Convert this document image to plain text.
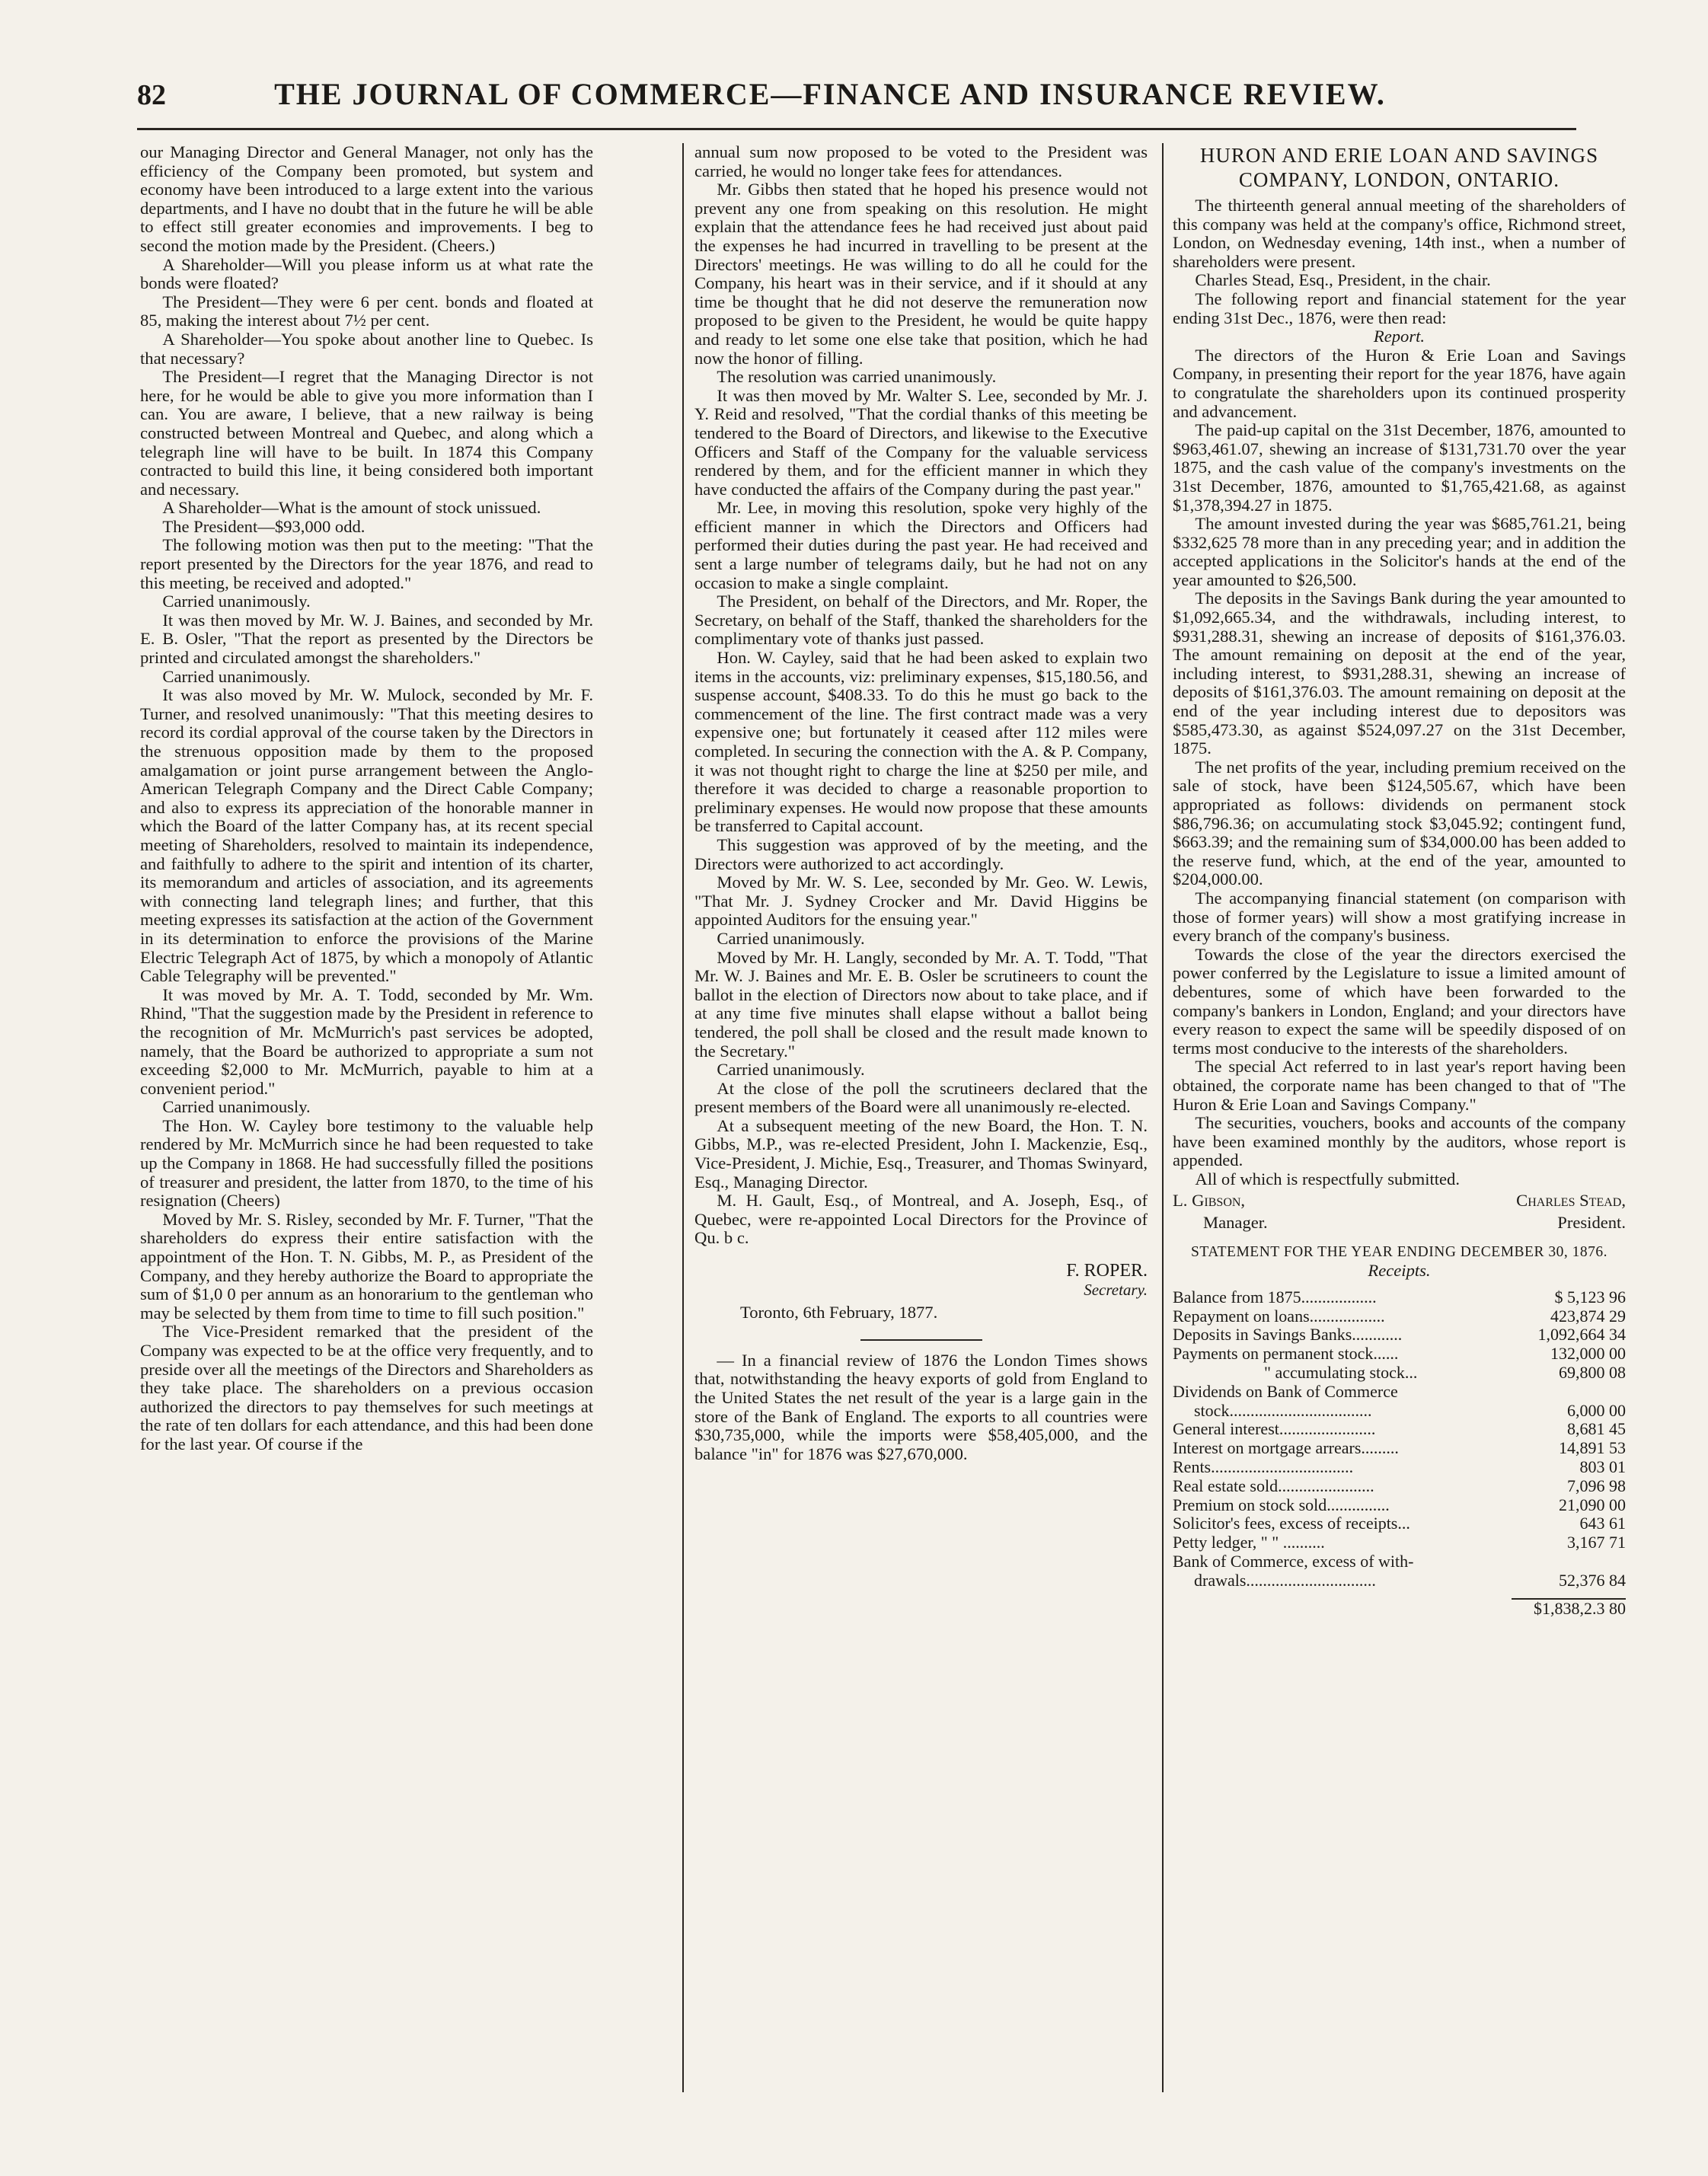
82	THE JOURNAL OF COMMERCE—FINANCE AND INSURANCE REVIEW.

our Managing Director and General Manager, not only has the efficiency of the Company been promoted, but system and economy have been introduced to a large extent into the various departments, and I have no doubt that in the future he will be able to effect still greater economies and improvements. I beg to second the motion made by the President. (Cheers.)

A Shareholder—Will you please inform us at what rate the bonds were floated?

The President—They were 6 per cent. bonds and floated at 85, making the interest about 7½ per cent.

A Shareholder—You spoke about another line to Quebec. Is that necessary?

The President—I regret that the Managing Director is not here, for he would be able to give you more information than I can. You are aware, I believe, that a new railway is being constructed between Montreal and Quebec, and along which a telegraph line will have to be built. In 1874 this Company contracted to build this line, it being considered both important and necessary.

A Shareholder—What is the amount of stock unissued.

The President—$93,000 odd.

The following motion was then put to the meeting: "That the report presented by the Directors for the year 1876, and read to this meeting, be received and adopted."

Carried unanimously.

It was then moved by Mr. W. J. Baines, and seconded by Mr. E. B. Osler, "That the report as presented by the Directors be printed and circulated amongst the shareholders."

Carried unanimously.

It was also moved by Mr. W. Mulock, seconded by Mr. F. Turner, and resolved unanimously: "That this meeting desires to record its cordial approval of the course taken by the Directors in the strenuous opposition made by them to the proposed amalgamation or joint purse arrangement between the Anglo-American Telegraph Company and the Direct Cable Company; and also to express its appreciation of the honorable manner in which the Board of the latter Company has, at its recent special meeting of Shareholders, resolved to maintain its independence, and faithfully to adhere to the spirit and intention of its charter, its memorandum and articles of association, and its agreements with connecting land telegraph lines; and further, that this meeting expresses its satisfaction at the action of the Government in its determination to enforce the provisions of the Marine Electric Telegraph Act of 1875, by which a monopoly of Atlantic Cable Telegraphy will be prevented."

It was moved by Mr. A. T. Todd, seconded by Mr. Wm. Rhind, "That the suggestion made by the President in reference to the recognition of Mr. McMurrich's past services be adopted, namely, that the Board be authorized to appropriate a sum not exceeding $2,000 to Mr. McMurrich, payable to him at a convenient period."

Carried unanimously.

The Hon. W. Cayley bore testimony to the valuable help rendered by Mr. McMurrich since he had been requested to take up the Company in 1868. He had successfully filled the positions of treasurer and president, the latter from 1870, to the time of his resignation (Cheers)

Moved by Mr. S. Risley, seconded by Mr. F. Turner, "That the shareholders do express their entire satisfaction with the appointment of the Hon. T. N. Gibbs, M. P., as President of the Company, and they hereby authorize the Board to appropriate the sum of $1,0 0 per annum as an honorarium to the gentleman who may be selected by them from time to time to fill such position."

The Vice-President remarked that the president of the Company was expected to be at the office very frequently, and to preside over all the meetings of the Directors and Shareholders as they take place. The shareholders on a previous occasion authorized the directors to pay themselves for such meetings at the rate of ten dollars for each attendance, and this had been done for the last year. Of course if the

annual sum now proposed to be voted to the President was carried, he would no longer take fees for attendances.

Mr. Gibbs then stated that he hoped his presence would not prevent any one from speaking on this resolution. He might explain that the attendance fees he had received just about paid the expenses he had incurred in travelling to be present at the Directors' meetings. He was willing to do all he could for the Company, his heart was in their service, and if it should at any time be thought that he did not deserve the remuneration now proposed to be given to the President, he would be quite happy and ready to let some one else take that position, which he had now the honor of filling.

The resolution was carried unanimously.

It was then moved by Mr. Walter S. Lee, seconded by Mr. J. Y. Reid and resolved, "That the cordial thanks of this meeting be tendered to the Board of Directors, and likewise to the Executive Officers and Staff of the Company for the valuable servicess rendered by them, and for the efficient manner in which they have conducted the affairs of the Company during the past year."

Mr. Lee, in moving this resolution, spoke very highly of the efficient manner in which the Directors and Officers had performed their duties during the past year. He had received and sent a large number of telegrams daily, but he had not on any occasion to make a single complaint.

The President, on behalf of the Directors, and Mr. Roper, the Secretary, on behalf of the Staff, thanked the shareholders for the complimentary vote of thanks just passed.

Hon. W. Cayley, said that he had been asked to explain two items in the accounts, viz: preliminary expenses, $15,180.56, and suspense account, $408.33. To do this he must go back to the commencement of the line. The first contract made was a very expensive one; but fortunately it ceased after 112 miles were completed. In securing the connection with the A. & P. Company, it was not thought right to charge the line at $250 per mile, and therefore it was decided to charge a reasonable proportion to preliminary expenses. He would now propose that these amounts be transferred to Capital account.

This suggestion was approved of by the meeting, and the Directors were authorized to act accordingly.

Moved by Mr. W. S. Lee, seconded by Mr. Geo. W. Lewis, "That Mr. J. Sydney Crocker and Mr. David Higgins be appointed Auditors for the ensuing year."

Carried unanimously.

Moved by Mr. H. Langly, seconded by Mr. A. T. Todd, "That Mr. W. J. Baines and Mr. E. B. Osler be scrutineers to count the ballot in the election of Directors now about to take place, and if at any time five minutes shall elapse without a ballot being tendered, the poll shall be closed and the result made known to the Secretary."

Carried unanimously.

At the close of the poll the scrutineers declared that the present members of the Board were all unanimously re-elected.

At a subsequent meeting of the new Board, the Hon. T. N. Gibbs, M.P., was re-elected President, John I. Mackenzie, Esq., Vice-President, J. Michie, Esq., Treasurer, and Thomas Swinyard, Esq., Managing Director.

M. H. Gault, Esq., of Montreal, and A. Joseph, Esq., of Quebec, were re-appointed Local Directors for the Province of Qu. b c.

F. ROPER.

Secretary.

Toronto, 6th February, 1877.

— In a financial review of 1876 the London Times shows that, notwithstanding the heavy exports of gold from England to the United States the net result of the year is a large gain in the store of the Bank of England. The exports to all countries were $30,735,000, while the imports were $58,405,000, and the balance "in" for 1876 was $27,670,000.

HURON AND ERIE LOAN AND SAVINGS COMPANY, LONDON, ONTARIO.

The thirteenth general annual meeting of the shareholders of this company was held at the company's office, Richmond street, London, on Wednesday evening, 14th inst., when a number of shareholders were present.

Charles Stead, Esq., President, in the chair.

The following report and financial statement for the year ending 31st Dec., 1876, were then read:

Report.

The directors of the Huron & Erie Loan and Savings Company, in presenting their report for the year 1876, have again to congratulate the shareholders upon its continued prosperity and advancement.

The paid-up capital on the 31st December, 1876, amounted to $963,461.07, shewing an increase of $131,731.70 over the year 1875, and the cash value of the company's investments on the 31st December, 1876, amounted to $1,765,421.68, as against $1,378,394.27 in 1875.

The amount invested during the year was $685,761.21, being $332,625 78 more than in any preceding year; and in addition the accepted applications in the Solicitor's hands at the end of the year amounted to $26,500.

The deposits in the Savings Bank during the year amounted to $1,092,665.34, and the withdrawals, including interest, to $931,288.31, shewing an increase of deposits of $161,376.03. The amount remaining on deposit at the end of the year, including interest, to $931,288.31, shewing an increase of deposits of $161,376.03. The amount remaining on deposit at the end of the year including interest due to depositors was $585,473.30, as against $524,097.27 on the 31st December, 1875.

The net profits of the year, including premium received on the sale of stock, have been $124,505.67, which have been appropriated as follows: dividends on permanent stock $86,796.36; on accumulating stock $3,045.92; contingent fund, $663.39; and the remaining sum of $34,000.00 has been added to the reserve fund, which, at the end of the year, amounted to $204,000.00.

The accompanying financial statement (on comparison with those of former years) will show a most gratifying increase in every branch of the company's business.

Towards the close of the year the directors exercised the power conferred by the Legislature to issue a limited amount of debentures, some of which have been forwarded to the company's bankers in London, England; and your directors have every reason to expect the same will be speedily disposed of on terms most conducive to the interests of the shareholders.

The special Act referred to in last year's report having been obtained, the corporate name has been changed to that of "The Huron & Erie Loan and Savings Company."

The securities, vouchers, books and accounts of the company have been examined monthly by the auditors, whose report is appended.

All of which is respectfully submitted.

L. Gibson,	Charles Stead,
Manager.	President.
STATEMENT FOR THE YEAR ENDING DECEMBER 30, 1876.

Receipts.

Balance from 1875..................	$ 5,123 96
Repayment on loans..................	423,874 29
Deposits in Savings Banks............	1,092,664 34
Payments on permanent stock......	132,000 00
" accumulating stock...	69,800 08
Dividends on Bank of Commerce	
stock..................................	6,000 00
General interest.......................	8,681 45
Interest on mortgage arrears.........	14,891 53
Rents..................................	803 01
Real estate sold.......................	7,096 98
Premium on stock sold...............	21,090 00
Solicitor's fees, excess of receipts...	643 61
Petty ledger, " " ..........	3,167 71
Bank of Commerce, excess of with-	
drawals...............................	52,376 84

$1,838,2.3 80
